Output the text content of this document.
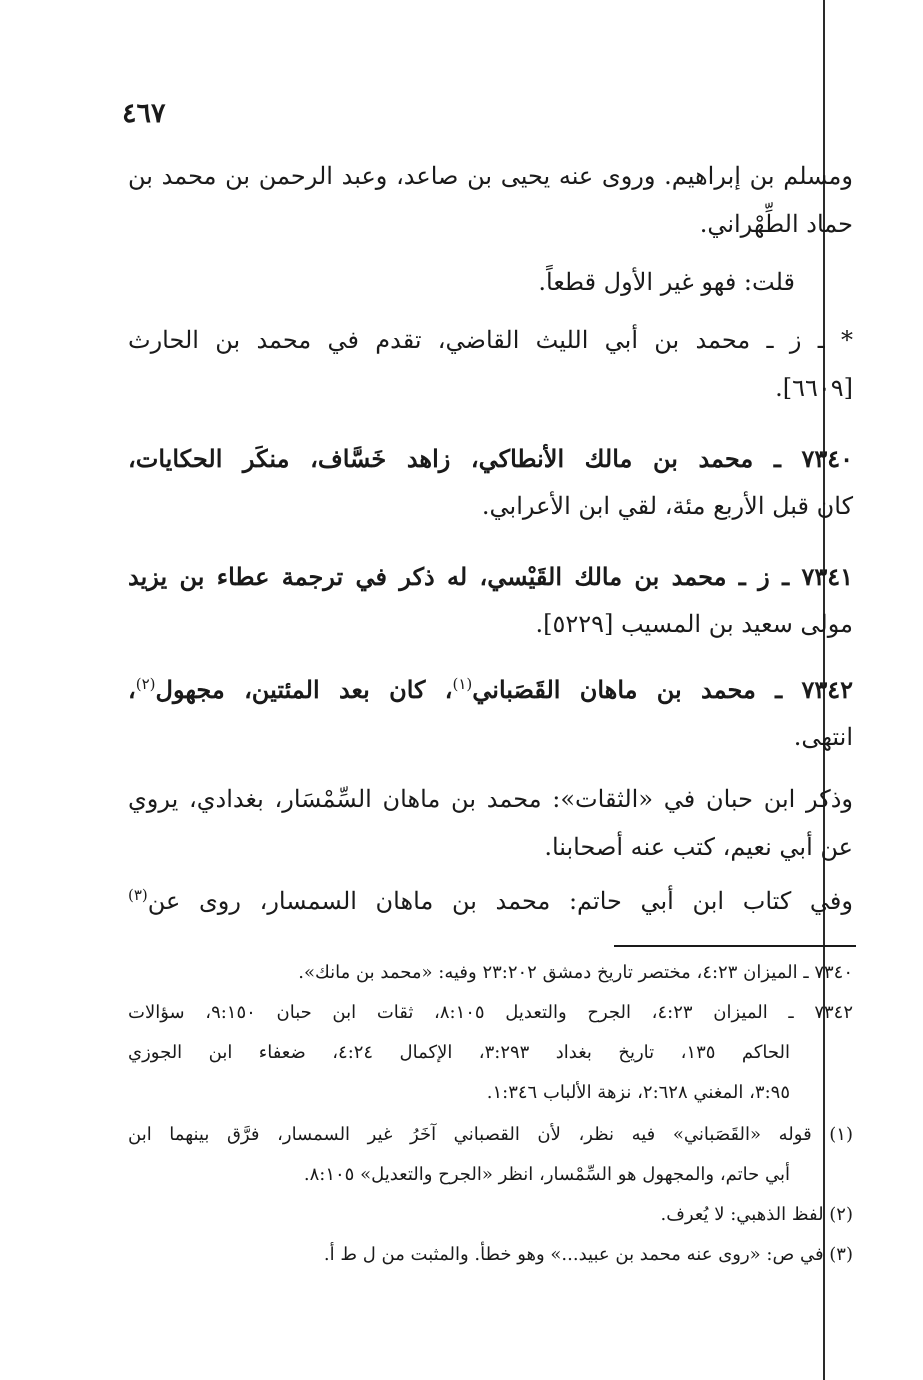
٤٦٧
ومسلم بن إبراهيم. وروى عنه يحيى بن صاعد، وعبد الرحمن بن محمد بن
حماد الطِّهْراني.
قلت: فهو غير الأول قطعاً.
* ـ ز ـ محمد بن أبي الليث القاضي، تقدم في محمد بن الحارث
[٦٦٠٩].
٧٣٤٠ ـ محمد بن مالك الأنطاكي، زاهد خَسَّاف، منكَر الحكايات،
كان قبل الأربع مئة، لقي ابن الأعرابي.
٧٣٤١ ـ ز ـ محمد بن مالك القَيْسي، له ذكر في ترجمة عطاء بن يزيد
مولى سعيد بن المسيب [٥٢٢٩].
٧٣٤٢ ـ محمد بن ماهان القَصَباني$^{(١)}$، كان بعد المئتين، مجهول$^{(٢)}$،
انتهى.
وذكر ابن حبان في «الثقات»: محمد بن ماهان السِّمْسَار، بغدادي، يروي
عن أبي نعيم، كتب عنه أصحابنا.
وفي كتاب ابن أبي حاتم: محمد بن ماهان السمسار، روى عن$^{(٣)}$
٧٣٤٠ ـ الميزان ٤:٢٣، مختصر تاريخ دمشق ٢٣:٢٠٢ وفيه: «محمد بن مانك».
٧٣٤٢ ـ الميزان ٤:٢٣، الجرح والتعديل ٨:١٠٥، ثقات ابن حبان ٩:١٥٠، سؤالات
الحاكم ١٣٥، تاريخ بغداد ٣:٢٩٣، الإكمال ٤:٢٤، ضعفاء ابن الجوزي
٣:٩٥، المغني ٢:٦٢٨، نزهة الألباب ١:٣٤٦.
(١) قوله «القَصَباني» فيه نظر، لأن القصباني آخَرُ غير السمسار، فرَّق بينهما ابن
أبي حاتم، والمجهول هو السِّمْسار، انظر «الجرح والتعديل» ٨:١٠٥.
(٢) لفظ الذهبي: لا يُعرف.
(٣) في ص: «روى عنه محمد بن عبيد...» وهو خطأ. والمثبت من ل ط أ.
